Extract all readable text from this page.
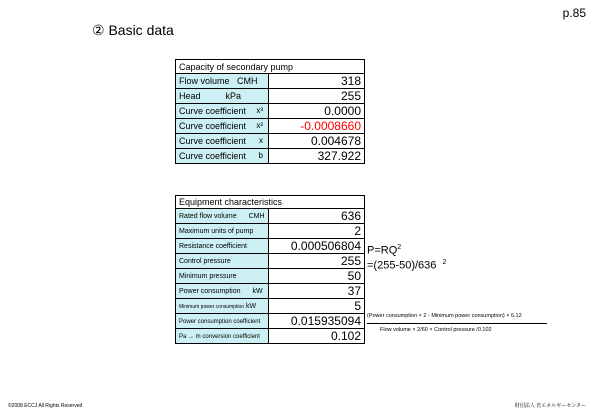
p.85
② Basic data
Capacity of secondary pump	
Flow volume CMH	318
Head kPa	255
Curve coefficient x³	0.0000
Curve coefficient x²	-0.0008660
Curve coefficient x	0.004678
Curve coefficient b	327.922
Equipment characteristics	
Rated flow volume CMH	636
Maximum units of pump	2
Resistance coefficient	0.000506804
Control pressure	255
Minimum pressure	50
Power consumption kW	37
Minimum power consumption kW	5
Power consumption coefficient	0.015935094
Pa → m conversion coefficient	0.102
$P=RQ^2$
=(255-50)/636 $^2$
(Power consumption × 2 - Minimum power consumption) × 6.12
Flow volume × 2/60 × Control pressure /0.102
©2008 ECCJ All Rights Reserved	財団法人 省エネルギーセンター
